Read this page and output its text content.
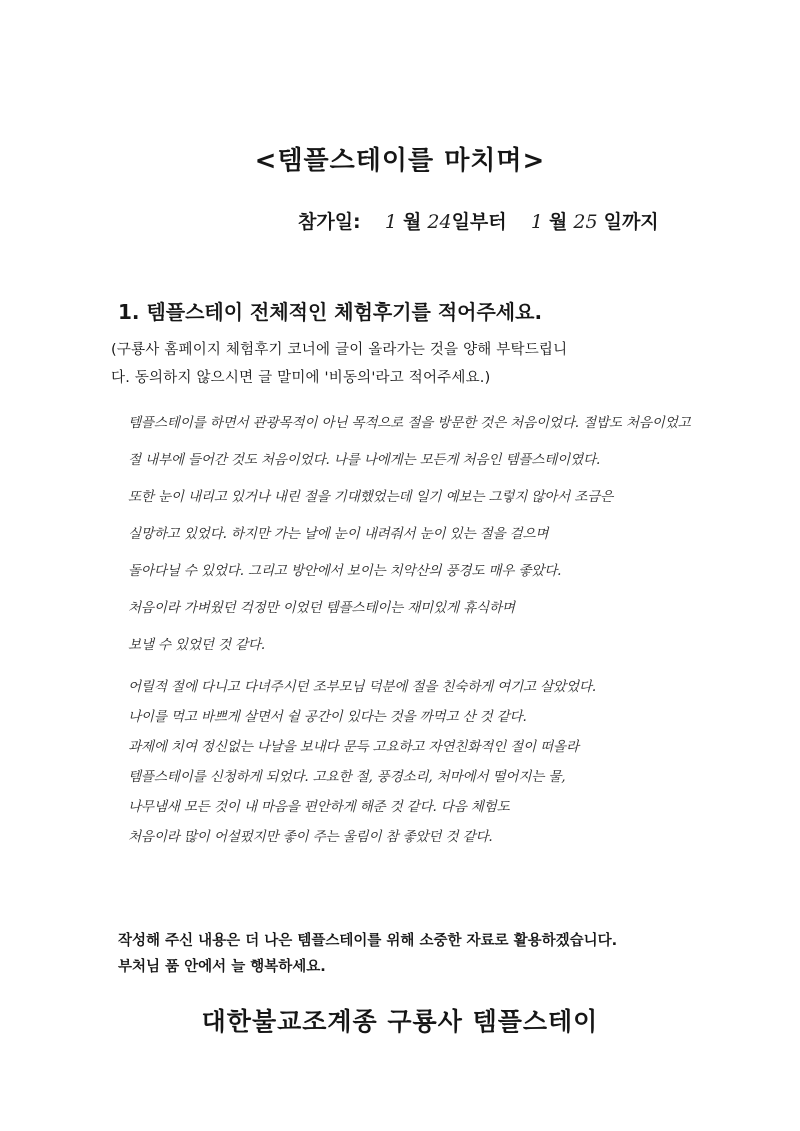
<템플스테이를 마치며>
참가일: 1 월 24일부터 1 월 25 일까지
1. 템플스테이 전체적인 체험후기를 적어주세요.
(구룡사 홈페이지 체험후기 코너에 글이 올라가는 것을 양해 부탁드립니
다. 동의하지 않으시면 글 말미에 '비동의'라고 적어주세요.)
템플스테이를 하면서 관광목적이 아닌 목적으로 절을 방문한 것은 처음이었다. 절밥도 처음이었고
절 내부에 들어간 것도 처음이었다. 나를 나에게는 모든게 처음인 템플스테이였다.
또한 눈이 내리고 있거나 내린 절을 기대했었는데 일기 예보는 그렇지 않아서 조금은
실망하고 있었다. 하지만 가는 날에 눈이 내려줘서 눈이 있는 절을 걸으며
돌아다닐 수 있었다. 그리고 방안에서 보이는 치악산의 풍경도 매우 좋았다.
처음이라 가벼웠던 걱정만 이었던 템플스테이는 재미있게 휴식하며
보낼 수 있었던 것 같다.
어릴적 절에 다니고 다녀주시던 조부모님 덕분에 절을 친숙하게 여기고 살았었다.
나이를 먹고 바쁘게 살면서 쉴 공간이 있다는 것을 까먹고 산 것 같다.
과제에 치여 정신없는 나날을 보내다 문득 고요하고 자연친화적인 절이 떠올라
템플스테이를 신청하게 되었다. 고요한 절, 풍경소리, 처마에서 떨어지는 물,
나무냄새 모든 것이 내 마음을 편안하게 해준 것 같다. 다음 체험도
처음이라 많이 어설펐지만 좋이 주는 울림이 참 좋았던 것 같다.
작성해 주신 내용은 더 나은 템플스테이를 위해 소중한 자료로 활용하겠습니다.
부처님 품 안에서 늘 행복하세요.
대한불교조계종 구룡사 템플스테이
